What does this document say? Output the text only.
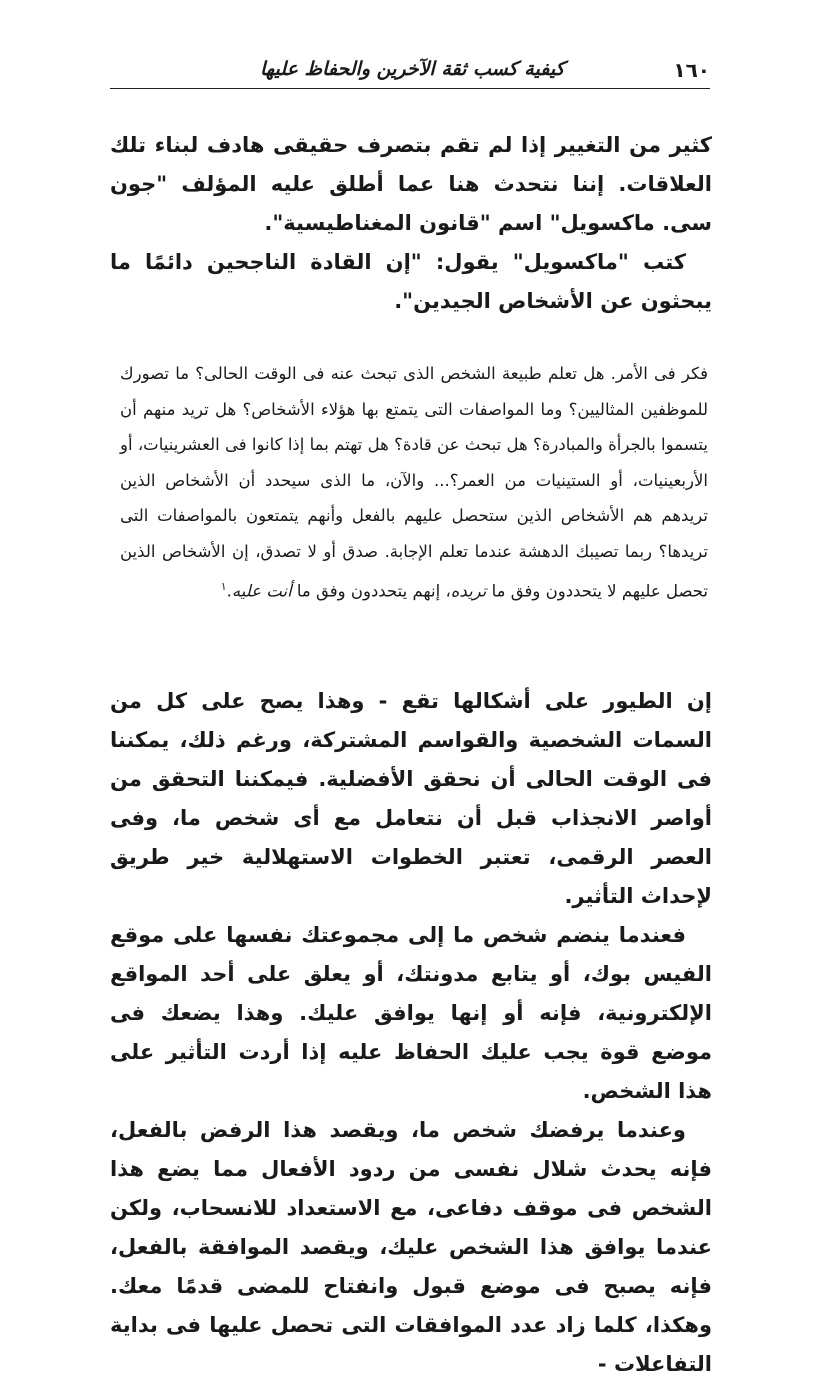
١٦٠
كيفية كسب ثقة الآخرين والحفاظ عليها

كثير من التغيير إذا لم تقم بتصرف حقيقى هادف لبناء تلك العلاقات. إننا نتحدث هنا عما أطلق عليه المؤلف "جون سى. ماكسويل" اسم "قانون المغناطيسية".

كتب "ماكسويل" يقول: "إن القادة الناجحين دائمًا ما يبحثون عن الأشخاص الجيدين".

فكر فى الأمر. هل تعلم طبيعة الشخص الذى تبحث عنه فى الوقت الحالى؟ ما تصورك للموظفين المثاليين؟ وما المواصفات التى يتمتع بها هؤلاء الأشخاص؟ هل تريد منهم أن يتسموا بالجرأة والمبادرة؟ هل تبحث عن قادة؟ هل تهتم بما إذا كانوا فى العشرينيات، أو الأربعينيات، أو الستينيات من العمر؟... والآن، ما الذى سيحدد أن الأشخاص الذين تريدهم هم الأشخاص الذين ستحصل عليهم بالفعل وأنهم يتمتعون بالمواصفات التى تريدها؟ ربما تصيبك الدهشة عندما تعلم الإجابة. صدق أو لا تصدق، إن الأشخاص الذين تحصل عليهم لا يتحددون وفق ما تريده، إنهم يتحددون وفق ما أنت عليه.$^١$

إن الطيور على أشكالها تقع - وهذا يصح على كل من السمات الشخصية والقواسم المشتركة، ورغم ذلك، يمكننا فى الوقت الحالى أن نحقق الأفضلية. فيمكننا التحقق من أواصر الانجذاب قبل أن نتعامل مع أى شخص ما، وفى العصر الرقمى، تعتبر الخطوات الاستهلالية خير طريق لإحداث التأثير.

فعندما ينضم شخص ما إلى مجموعتك نفسها على موقع الفيس بوك، أو يتابع مدونتك، أو يعلق على أحد المواقع الإلكترونية، فإنه أو إنها يوافق عليك. وهذا يضعك فى موضع قوة يجب عليك الحفاظ عليه إذا أردت التأثير على هذا الشخص.

وعندما يرفضك شخص ما، ويقصد هذا الرفض بالفعل، فإنه يحدث شلال نفسى من ردود الأفعال مما يضع هذا الشخص فى موقف دفاعى، مع الاستعداد للانسحاب، ولكن عندما يوافق هذا الشخص عليك، ويقصد الموافقة بالفعل، فإنه يصبح فى موضع قبول وانفتاح للمضى قدمًا معك. وهكذا، كلما زاد عدد الموافقات التى تحصل عليها فى بداية التفاعلات -
